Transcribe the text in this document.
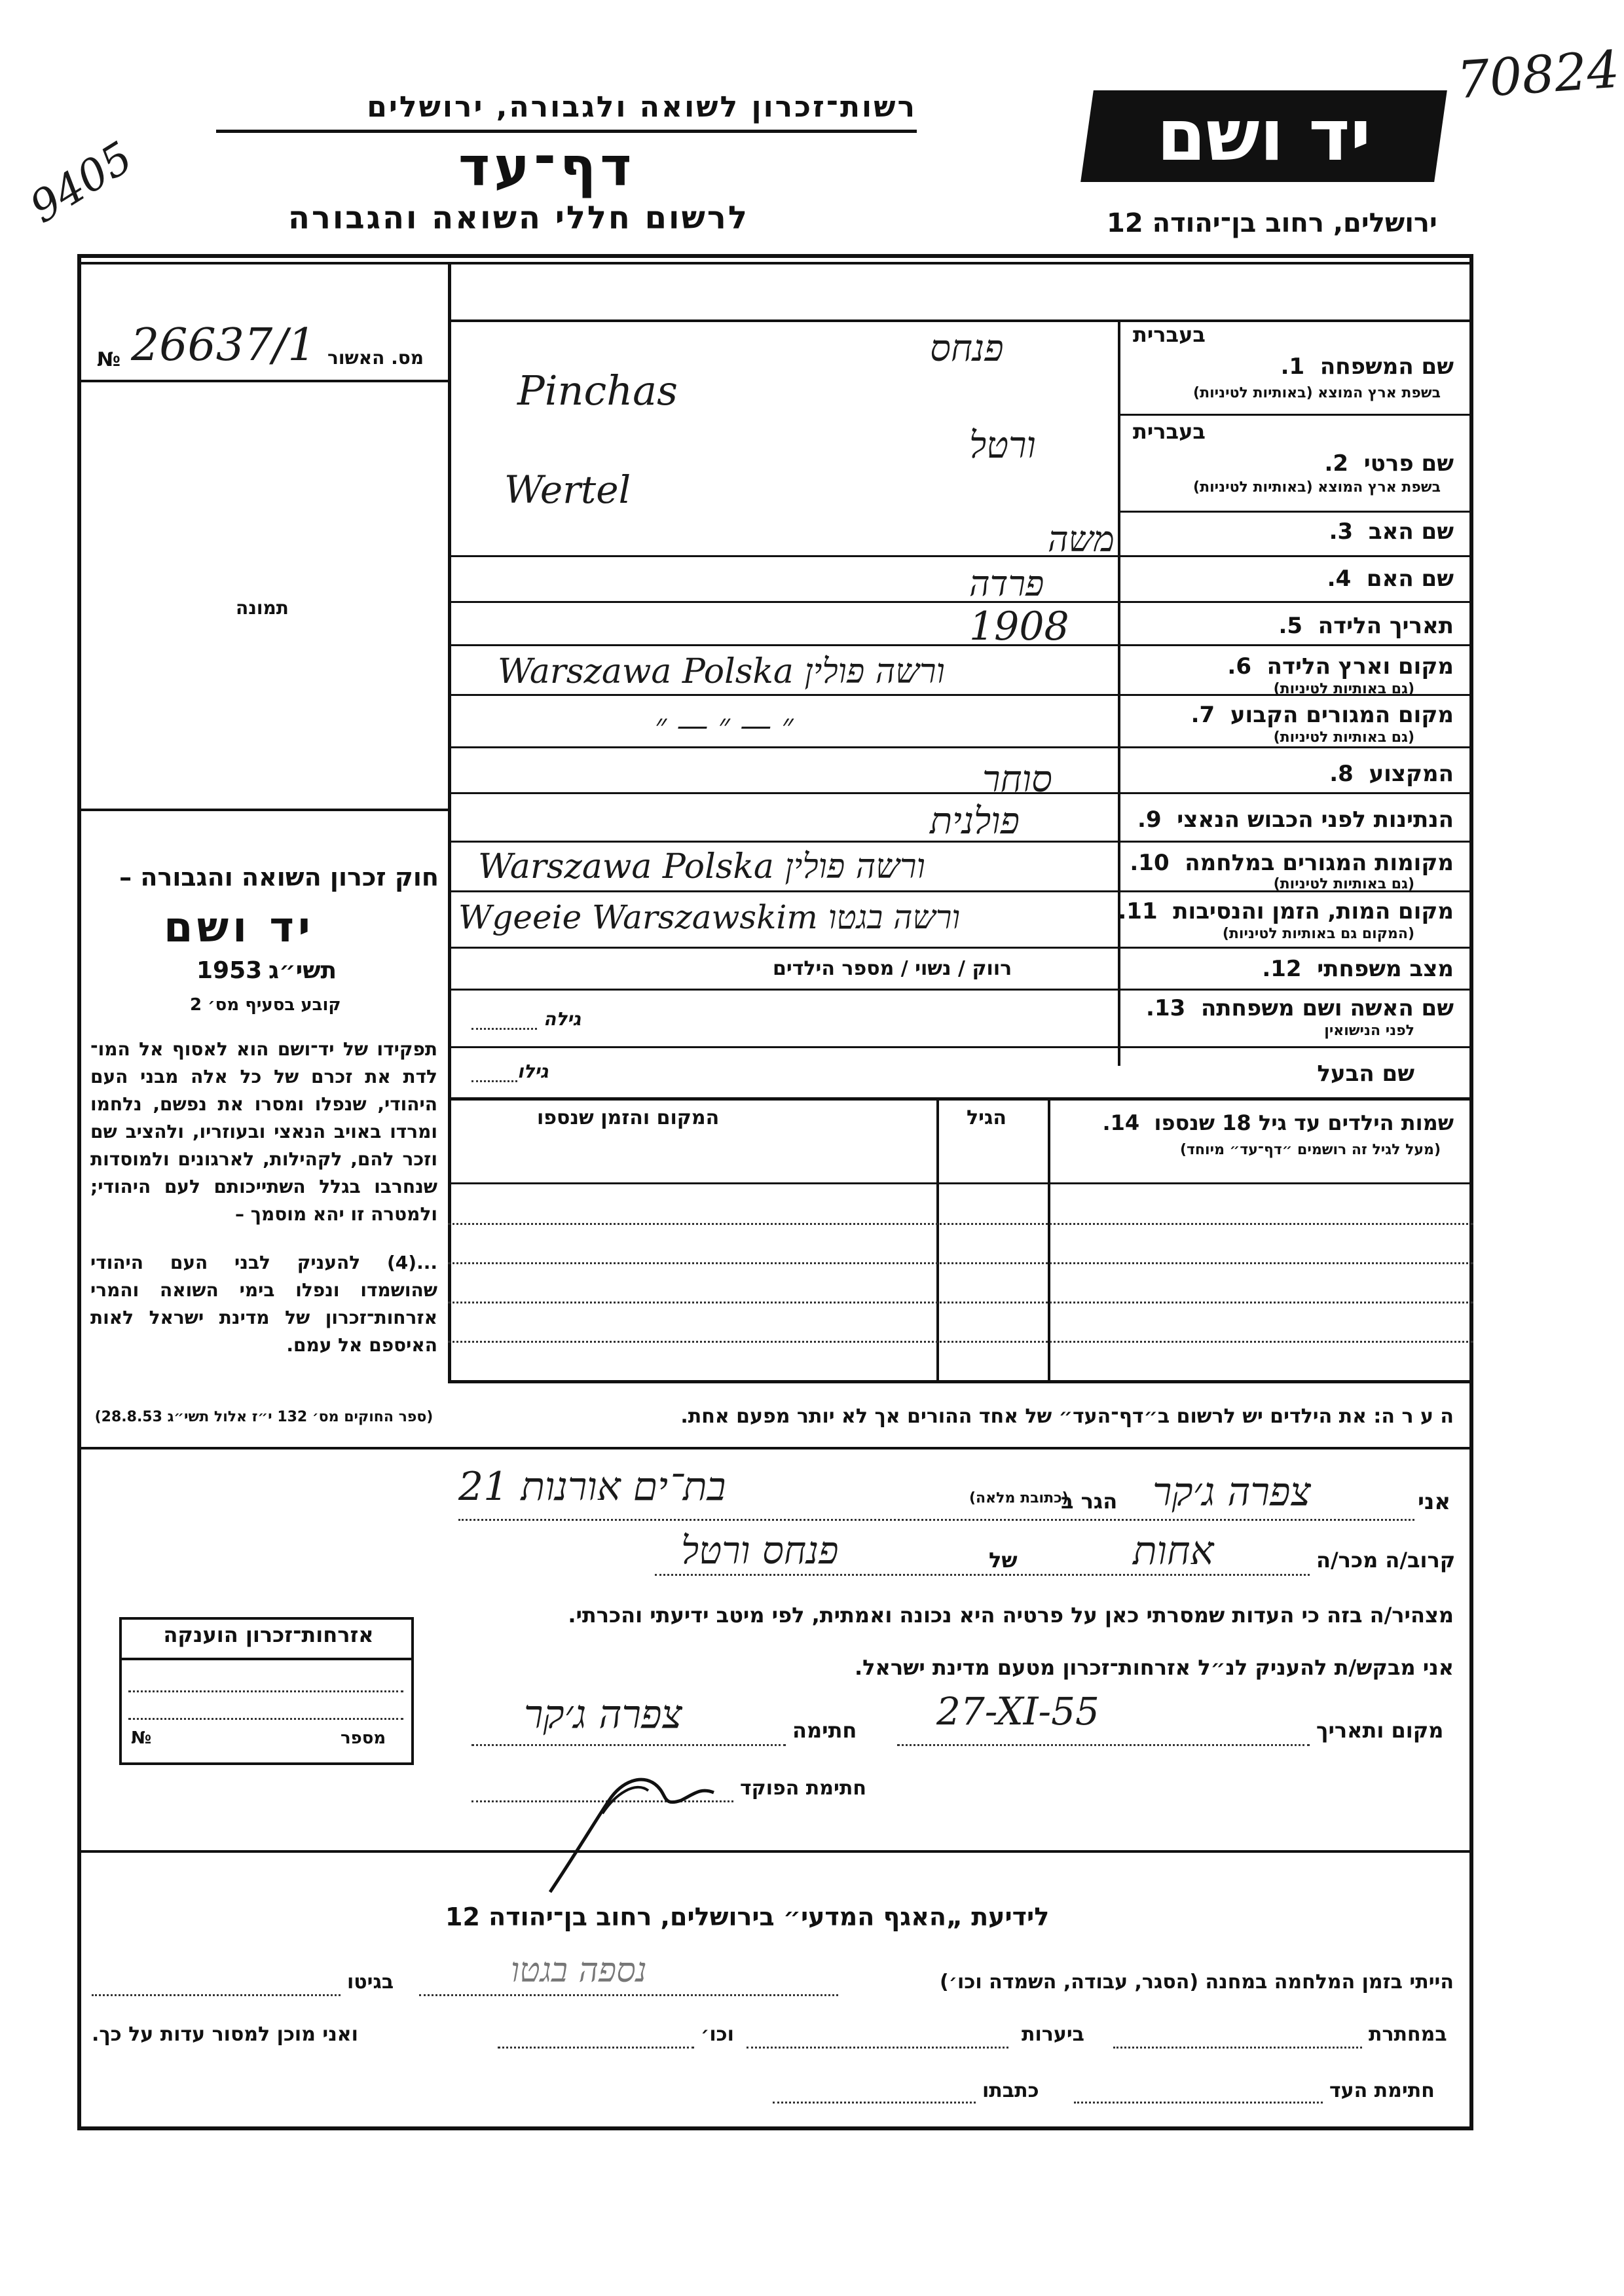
70824
9405
רשות־זכרון לשואה ולגבורה, ירושלים
דף־עד
לרשום חללי השואה והגבורה
יד ושם
ירושלים, רחוב בן־יהודה 12
№ 26637/1 מס. האשור
תמונה
חוק זכרון השואה והגבורה –
יד ושם
1953 תשי״ג
קובע בסעיף מס׳ 2
תפקידו של יד־ושם הוא לאסוף אל המו־ לדת את זכרם של כל אלה מבני העם היהודי, שנפלו ומסרו את נפשם, נלחמו ומרדו באויב הנאצי ובעוזריו, ולהציב שם וזכר להם, לקהילות, לארגונים ולמוסדות שנחרבו בגלל השתייכותם לעם היהודי; ולמטרה זו יהא מוסמך –
...(4) להעניק לבני העם היהודי שהושמדו ונפלו בימי השואה והמרי אזרחות־זכרון של מדינת ישראל לאות האיספם אל עמם.
(ספר החוקים מס׳ 132 י״ז אלול תשי״ג 28.8.53)
בעברית
שם המשפחה  1.
בשפת ארץ המוצא (באותיות לטיניות)
בעברית
שם פרטי  2.
בשפת ארץ המוצא (באותיות לטיניות)
שם האב  3.
שם האם  4.
תאריך הלידה  5.
מקום וארץ הלידה  6.
(גם באותיות לטיניות)
מקום המגורים הקבוע  7.
(גם באותיות לטיניות)
המקצוע  8.
הנתינות לפני הכבוש הנאצי  9.
מקומות המגורים במלחמה  10.
(גם באותיות לטיניות)
מקום המות, הזמן והנסיבות  11.
(המקום גם באותיות לטיניות)
מצב משפחתי  12.
שם האשה ושם משפחתה  13.
לפני הנישואין
שם הבעל
רווק / נשוי / מספר הילדים
גילה
גילו
פנחס
Pinchas
ורטל
Wertel
משה
פרדה
1908
Warszawa Polska ורשה פולין
״ — ״ — ״
סוחר
פולנית
Warszawa Polska ורשה פולין
Wgeeie Warszawskim ורשה בגטו
שמות הילדים עד גיל 18 שנספו  14.
(מעל לגיל זה רושמים ״דף־עד״ מיוחד)
הגיל
המקום והזמן שנספו
ה ע ר ה: את הילדים יש לרשום ב״דף־העד״ של אחד ההורים אך לא יותר מפעם אחת.
אני
צפרה ג׳קר
הגר ב
(כתובת מלאה)
בת־ים אורנות 21
קרוב/ה מכר/ה
אחות
של
פנחס ורטל
מצהיר/ה בזה כי העדות שמסרתי כאן על פרטיה היא נכונה ואמתית, לפי מיטב ידיעתי והכרתי.
אני מבקש/ת להעניק לנ״ל אזרחות־זכרון מטעם מדינת ישראל.
מקום ותאריך
27-XI-55
חתימה
צפרה ג׳קר
חתימת הפוקד
אזרחות־זכרון הוענקה
№	מספר
לידיעת „האגף המדעי״ בירושלים, רחוב בן־יהודה 12
הייתי בזמן המלחמה במחנה (הסגר, עבודה, השמדה וכו׳)
נספה בגטו
בגיטו
במחתרת
ביערות
וכו׳
ואני מוכן למסור עדות על כך.
חתימת העד
כתבתו
